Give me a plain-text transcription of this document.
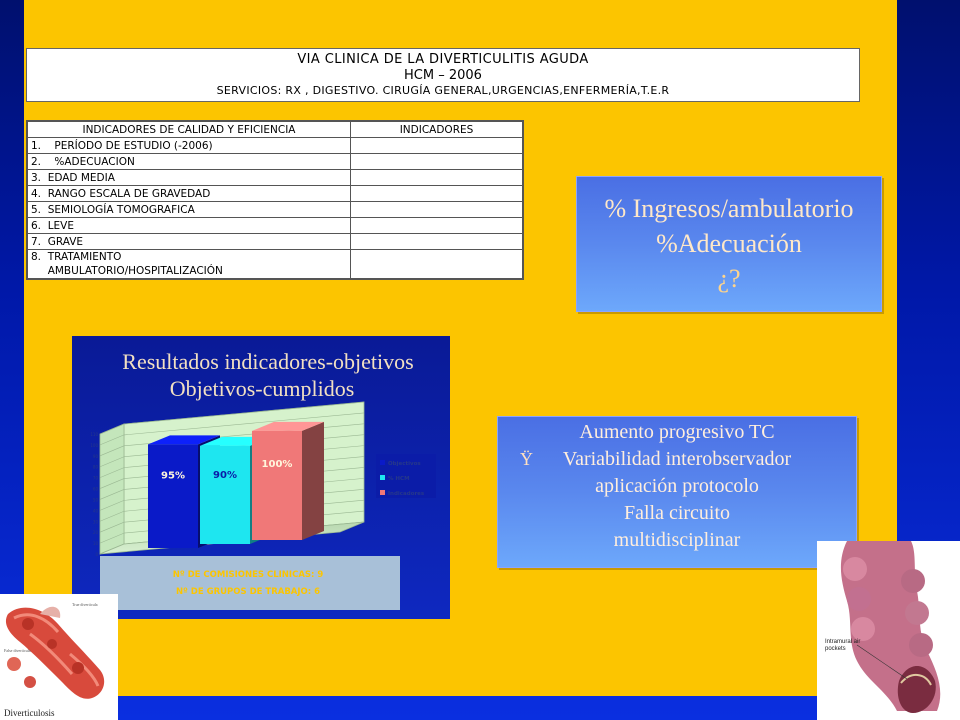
VIA CLINICA DE LA DIVERTICULITIS AGUDA
HCM – 2006
SERVICIOS: RX , DIGESTIVO. CIRUGÍA GENERAL,URGENCIAS,ENFERMERÍA,T.E.R
INDICADORES DE CALIDAD Y EFICIENCIA	INDICADORES
1.    PERÍODO DE ESTUDIO (-2006)	
2.    %ADECUACION	
3.  EDAD MEDIA	
4.  RANGO ESCALA DE GRAVEDAD	
5.  SEMIOLOGÍA TOMOGRAFICA	
6.  LEVE	
7.  GRAVE	

8.  TRATAMIENTO
AMBULATORIO/HOSPITALIZACIÓN	

% Ingresos/ambulatorio
%Adecuación
¿?
Aumento progresivo TC
Ϋ Variabilidad interobservador
aplicación protocolo
Falla circuito
multidisciplinar
Resultados indicadores-objetivos
Objetivos-cumplidos
0
10
20
30
40
50
60
70
80
90
100
110
95%	90%
100%	Objectivos
% HCM
Indicadores
Nº DE COMISIONES CLINICAS: 9
Nº DE GRUPOS DE TRABAJO: 6
True diverticula
False diverticula
Diverticulosis
Intramural air
pockets
